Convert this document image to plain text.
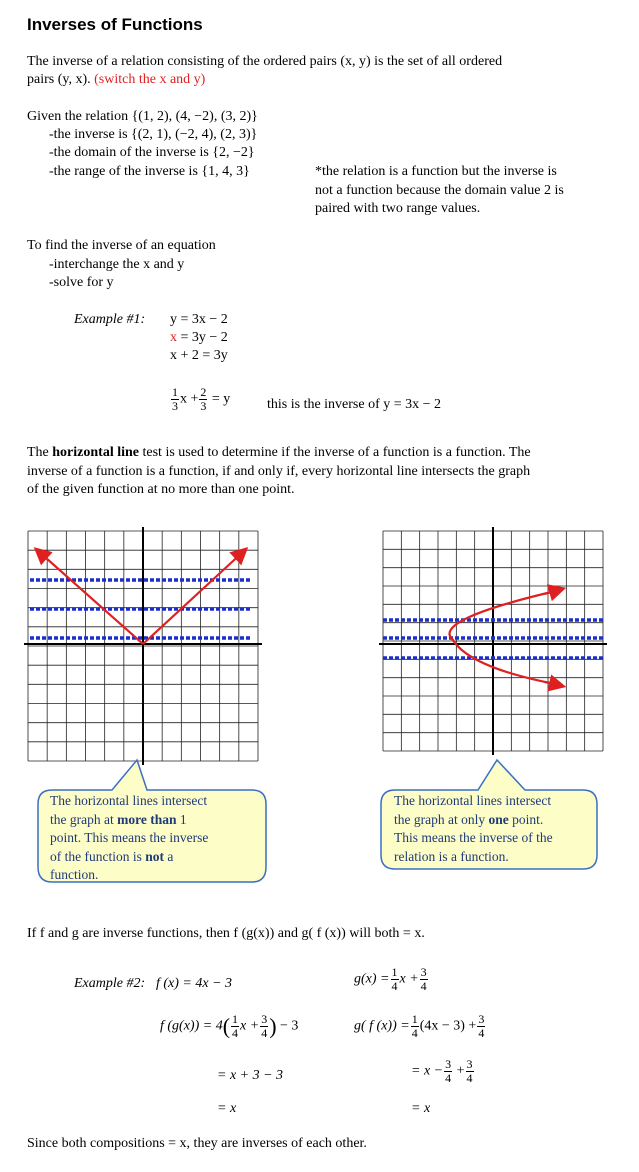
Inverses of Functions
The inverse of a relation consisting of the ordered pairs (x, y) is the set of all ordered
pairs (y, x). (switch the x and y)
Given the relation {(1, 2), (4, −2), (3, 2)}
-the inverse is {(2, 1), (−2, 4), (2, 3)}
-the domain of the inverse is {2, −2}
-the range of the inverse is {1, 4, 3}	*the relation is a function but the inverse is
not a function because the domain value 2 is
paired with two range values.
To find the inverse of an equation
-interchange the x and y
-solve for y
Example #1: y = 3x − 2
x = 3y − 2
x + 2 = 3y
$\frac{1}{3}$ $x + \frac{2}{3} = y$	this is the inverse of y = 3x − 2
The horizontal line test is used to determine if the inverse of a function is a function. The
inverse of a function is a function, if and only if, every horizontal line intersects the graph
of the given function at no more than one point.
The horizontal lines intersect
the graph at more than 1
point. This means the inverse
of the function is not a
function.
The horizontal lines intersect
the graph at only one point.
This means the inverse of the
relation is a function.
If f and g are inverse functions, then f (g(x)) and g( f (x)) will both = x.
Example #2: f (x) = 4x − 3	$g(x) = \frac{1}{4}$ $x + \frac{3}{4}$
f $(g(x)) = 4( \frac{1}{4}$ $x + \frac{3}{4}$ ) − 3	g( f $(x)) = \frac{1}{4} (4x - 3) + \frac{3}{4}$
= x + 3 − 3	= $x - \frac{3}{4} + \frac{3}{4}$
= x	= x
Since both compositions = x, they are inverses of each other.
